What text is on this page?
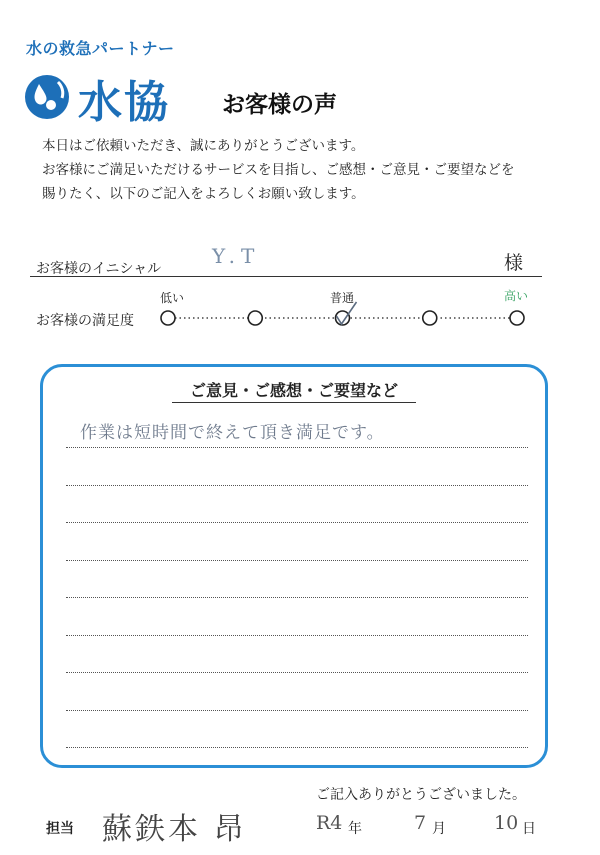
水の救急パートナー
水協 お客様の声
本日はご依頼いただき、誠にありがとうございます。
お客様にご満足いただけるサービスを目指し、ご感想・ご意見・ご要望などを
賜りたく、以下のご記入をよろしくお願い致します。
お客様のイニシャル
Y.T	様
お客様の満足度
低い	普通	高い
ご意見・ご感想・ご要望など
作業は短時間で終えて頂き満足です。
ご記入ありがとうございました。
担当 蘇鉄本 昂	R4 年	7 月	10 日
